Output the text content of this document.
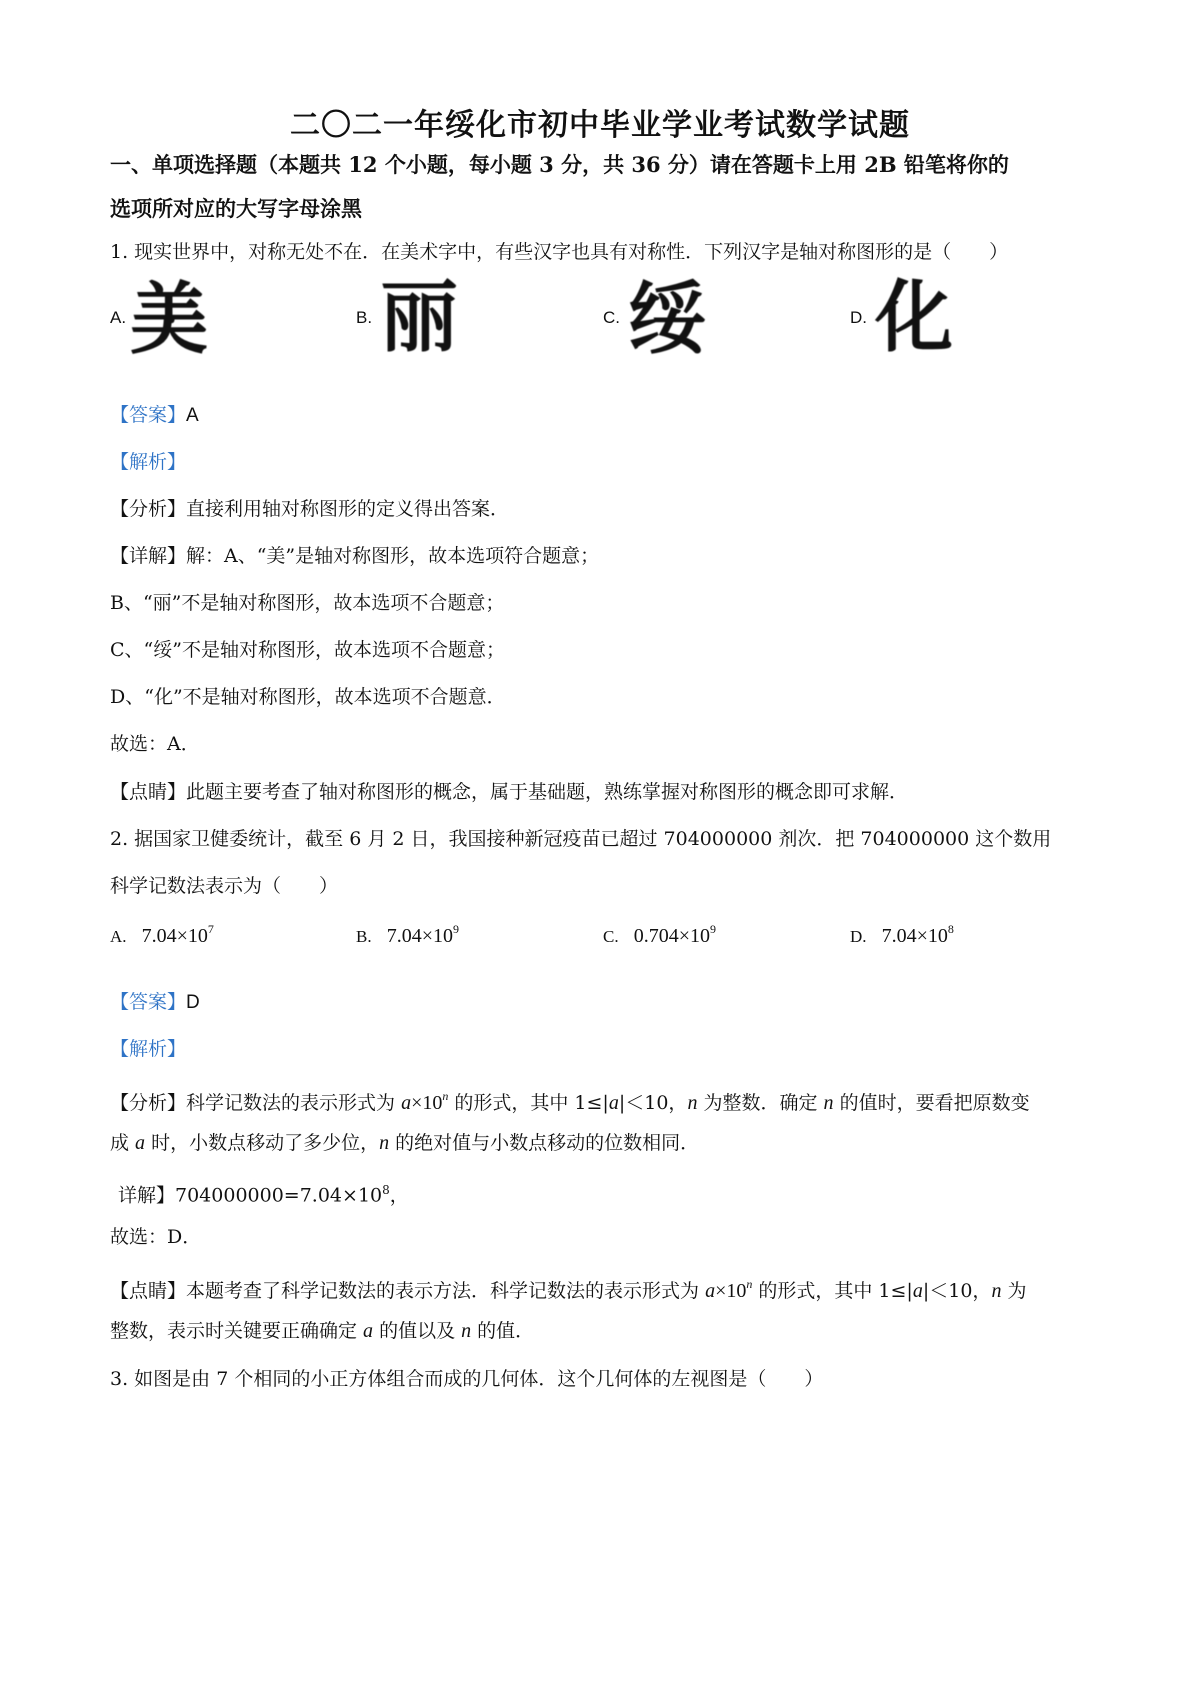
二〇二一年绥化市初中毕业学业考试数学试题
一、单项选择题（本题共 12 个小题，每小题 3 分，共 36 分）请在答题卡上用 2B 铅笔将你的
选项所对应的大写字母涂黑
1. 现实世界中，对称无处不在．在美术字中，有些汉字也具有对称性．下列汉字是轴对称图形的是（　　）
A. 美	B. 丽	C. 绥	D. 化
【答案】A
【解析】
【分析】直接利用轴对称图形的定义得出答案．
【详解】解：A、“美”是轴对称图形，故本选项符合题意；
B、“丽”不是轴对称图形，故本选项不合题意；
C、“绥”不是轴对称图形，故本选项不合题意；
D、“化”不是轴对称图形，故本选项不合题意．
故选：A．
【点睛】此题主要考查了轴对称图形的概念，属于基础题，熟练掌握对称图形的概念即可求解．
2. 据国家卫健委统计，截至 6 月 2 日，我国接种新冠疫苗已超过 704000000 剂次．把 704000000 这个数用
科学记数法表示为（　　）
A. $7.04\times 10^7$	B. $7.04\times 10^9$	C. $0.704\times 10^9$	D. $7.04\times 10^8$
【答案】D
【解析】
【分析】科学记数法的表示形式为 $a\times 10^n$ 的形式，其中 1≤|a|＜10，n 为整数．确定 n 的值时，要看把原数变
成 a 时，小数点移动了多少位，n 的绝对值与小数点移动的位数相同．
详解】$704000000=7.04\times 10^8$，
故选：D．
【点睛】本题考查了科学记数法的表示方法．科学记数法的表示形式为 $a\times 10^n$ 的形式，其中 1≤|a|＜10，n 为
整数，表示时关键要正确确定 a 的值以及 n 的值．
3. 如图是由 7 个相同的小正方体组合而成的几何体．这个几何体的左视图是（　　）
